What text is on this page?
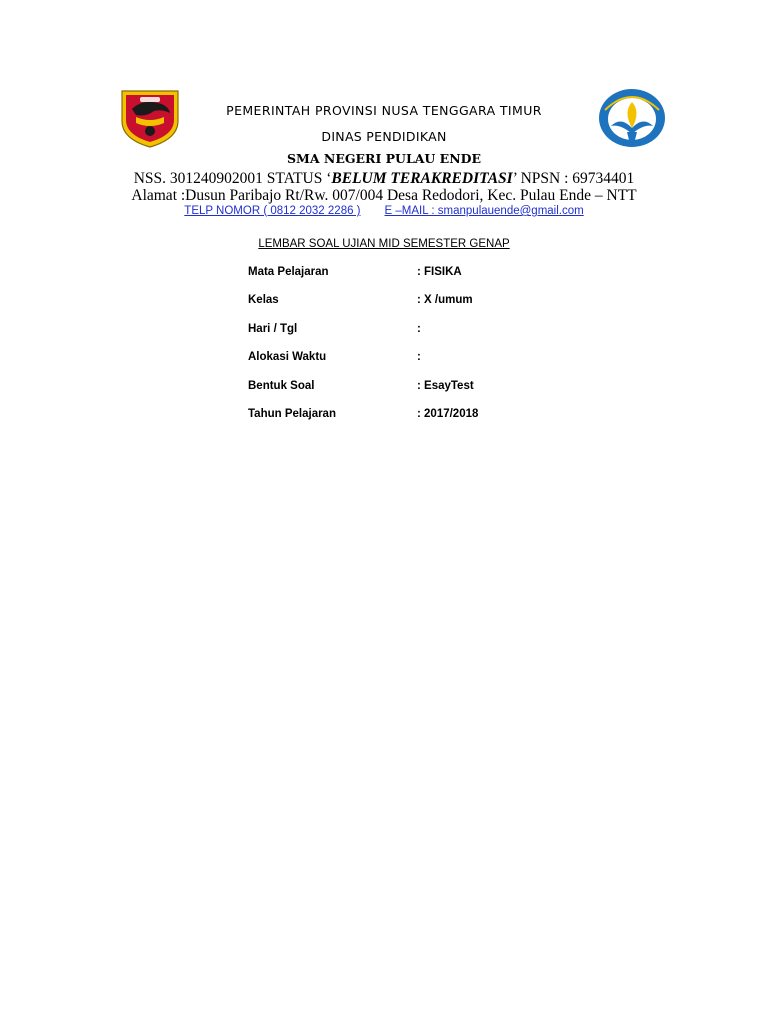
PEMERINTAH PROVINSI NUSA TENGGARA TIMUR
DINAS PENDIDIKAN
SMA NEGERI PULAU ENDE
NSS. 301240902001 STATUS ‘BELUM TERAKREDITASI’ NPSN : 69734401
Alamat :Dusun Paribajo Rt/Rw. 007/004 Desa Redodori, Kec. Pulau Ende – NTT
TELP NOMOR ( 0812 2032 2286 ) E –MAIL : smanpulauende@gmail.com
LEMBAR SOAL UJIAN MID SEMESTER GENAP
Mata Pelajaran	: FISIKA
Kelas	: X /umum
Hari / Tgl	:
Alokasi Waktu	:
Bentuk Soal	: EsayTest
Tahun Pelajaran	: 2017/2018
